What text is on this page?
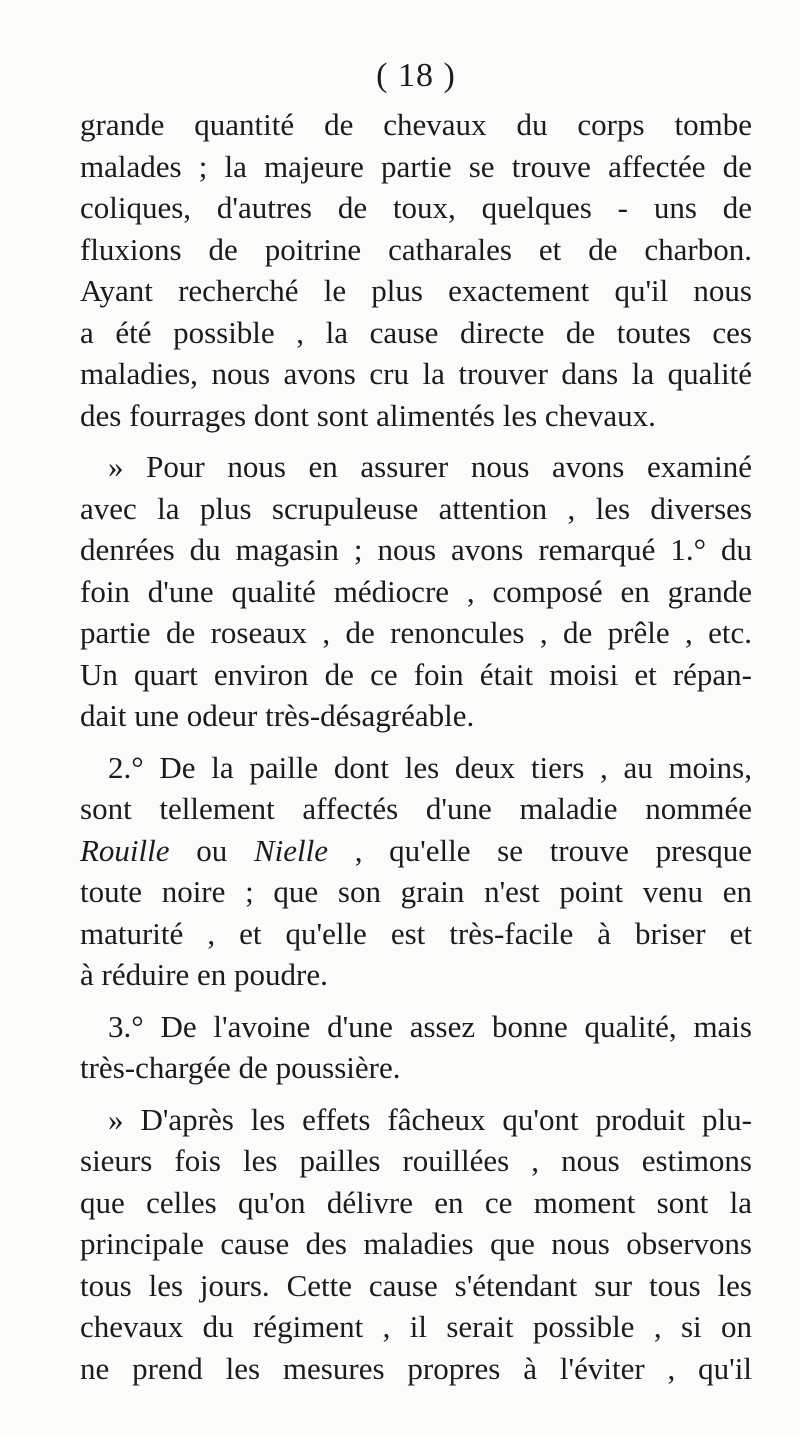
( 18 )

grande quantité de chevaux du corps tombe
malades ; la majeure partie se trouve affectée de
coliques, d'autres de toux, quelques - uns de
fluxions de poitrine catharales et de charbon.
Ayant recherché le plus exactement qu'il nous
a été possible , la cause directe de toutes ces
maladies, nous avons cru la trouver dans la qualité
des fourrages dont sont alimentés les chevaux.

» Pour nous en assurer nous avons examiné
avec la plus scrupuleuse attention , les diverses
denrées du magasin ; nous avons remarqué 1.° du
foin d'une qualité médiocre , composé en grande
partie de roseaux , de renoncules , de prêle , etc.
Un quart environ de ce foin était moisi et répan-
dait une odeur très-désagréable.

2.° De la paille dont les deux tiers , au moins,
sont tellement affectés d'une maladie nommée
Rouille ou Nielle , qu'elle se trouve presque
toute noire ; que son grain n'est point venu en
maturité , et qu'elle est très-facile à briser et
à réduire en poudre.

3.° De l'avoine d'une assez bonne qualité, mais
très-chargée de poussière.

» D'après les effets fâcheux qu'ont produit plu-
sieurs fois les pailles rouillées , nous estimons
que celles qu'on délivre en ce moment sont la
principale cause des maladies que nous observons
tous les jours. Cette cause s'étendant sur tous les
chevaux du régiment , il serait possible , si on
ne prend les mesures propres à l'éviter , qu'il
